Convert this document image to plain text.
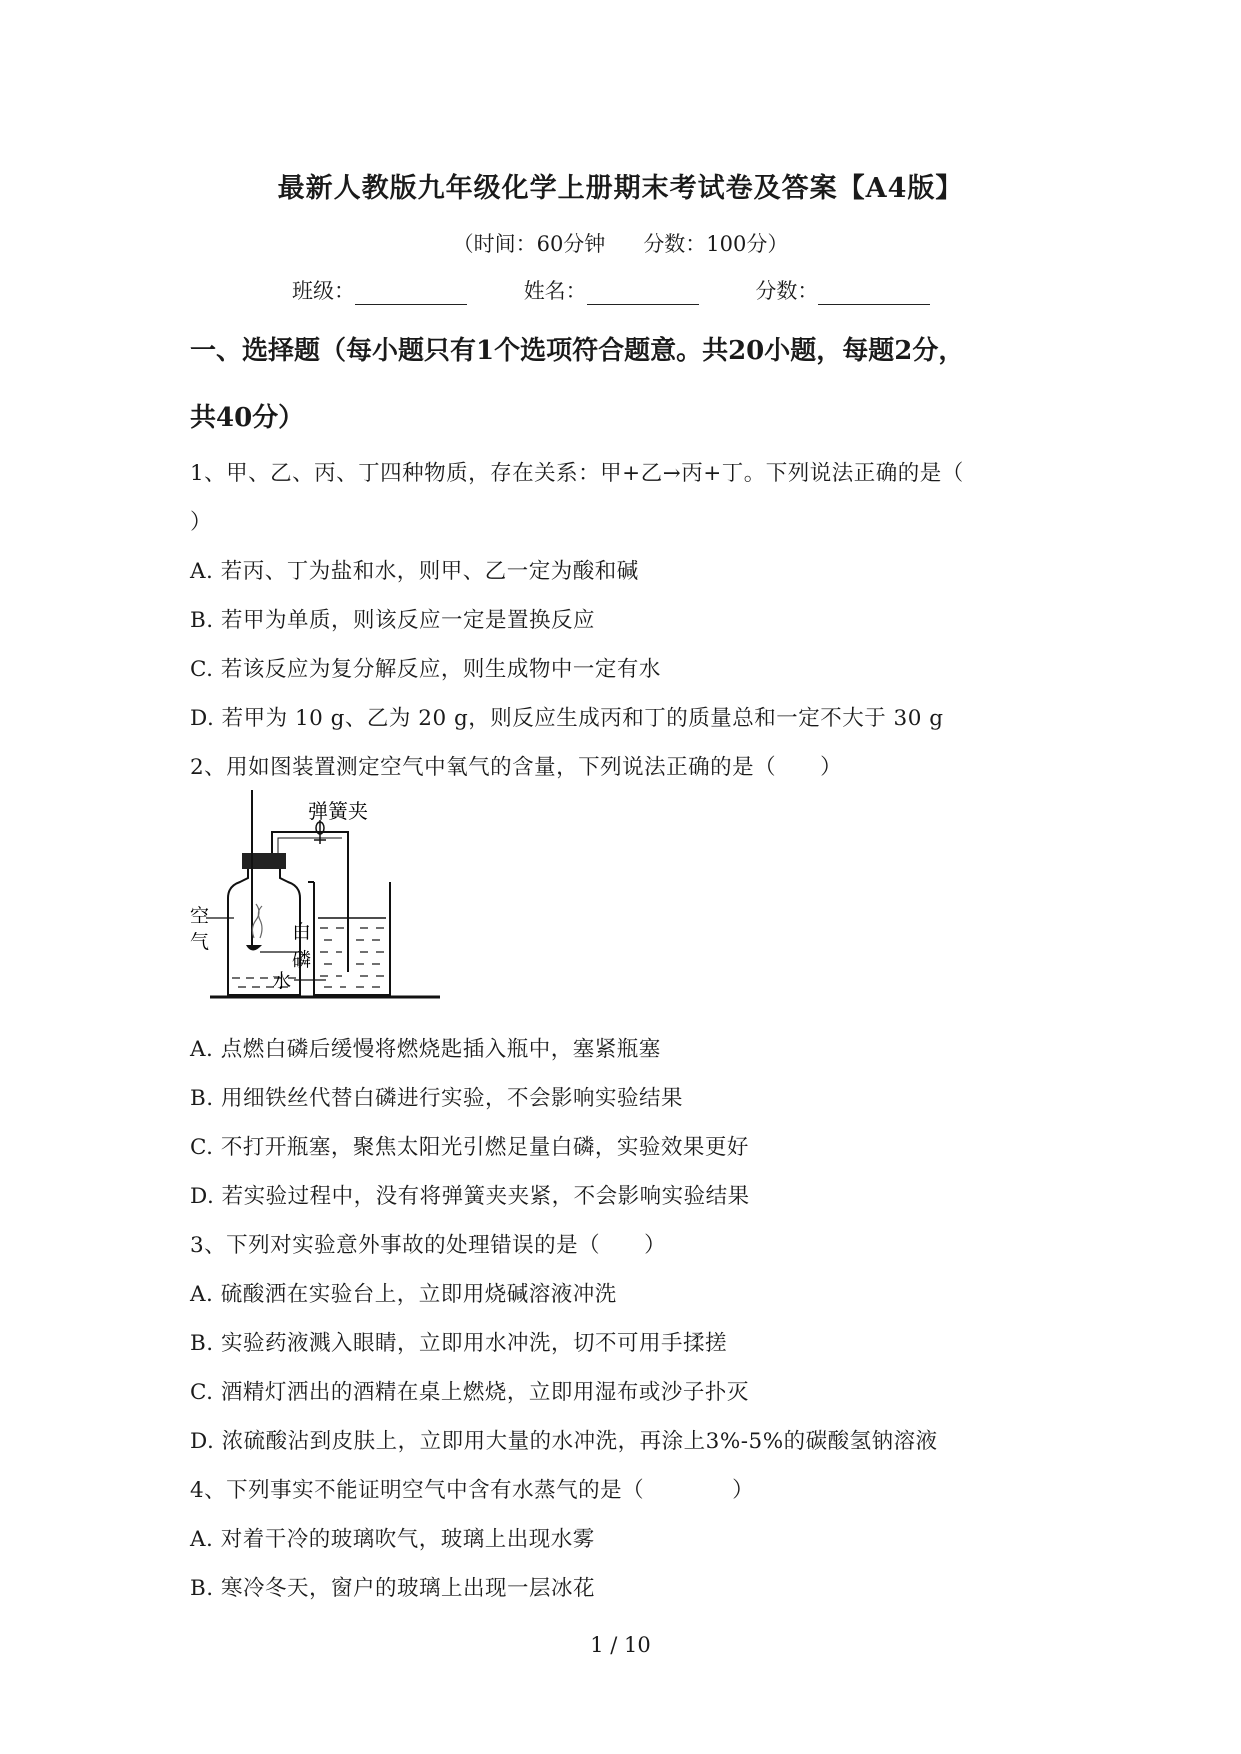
最新人教版九年级化学上册期末考试卷及答案【A4版】
（时间：60分钟 分数：100分）
班级：	姓名：	分数：
一、选择题（每小题只有1个选项符合题意。共20小题，每题2分，
共40分）
1、甲、乙、丙、丁四种物质，存在关系：甲+乙→丙+丁。下列说法正确的是（
）
A. 若丙、丁为盐和水，则甲、乙一定为酸和碱
B. 若甲为单质，则该反应一定是置换反应
C. 若该反应为复分解反应，则生成物中一定有水
D. 若甲为 10 g、乙为 20 g，则反应生成丙和丁的质量总和一定不大于 30 g
2、用如图装置测定空气中氧气的含量，下列说法正确的是（　　）
弹簧夹
空
气	白
磷
水
A. 点燃白磷后缓慢将燃烧匙插入瓶中，塞紧瓶塞
B. 用细铁丝代替白磷进行实验，不会影响实验结果
C. 不打开瓶塞，聚焦太阳光引燃足量白磷，实验效果更好
D. 若实验过程中，没有将弹簧夹夹紧，不会影响实验结果
3、下列对实验意外事故的处理错误的是（　　）
A. 硫酸洒在实验台上，立即用烧碱溶液冲洗
B. 实验药液溅入眼睛，立即用水冲洗，切不可用手揉搓
C. 酒精灯洒出的酒精在桌上燃烧，立即用湿布或沙子扑灭
D. 浓硫酸沾到皮肤上，立即用大量的水冲洗，再涂上3%-5%的碳酸氢钠溶液
4、下列事实不能证明空气中含有水蒸气的是（　　　　）
A. 对着干冷的玻璃吹气，玻璃上出现水雾
B. 寒冷冬天，窗户的玻璃上出现一层冰花
1 / 10
